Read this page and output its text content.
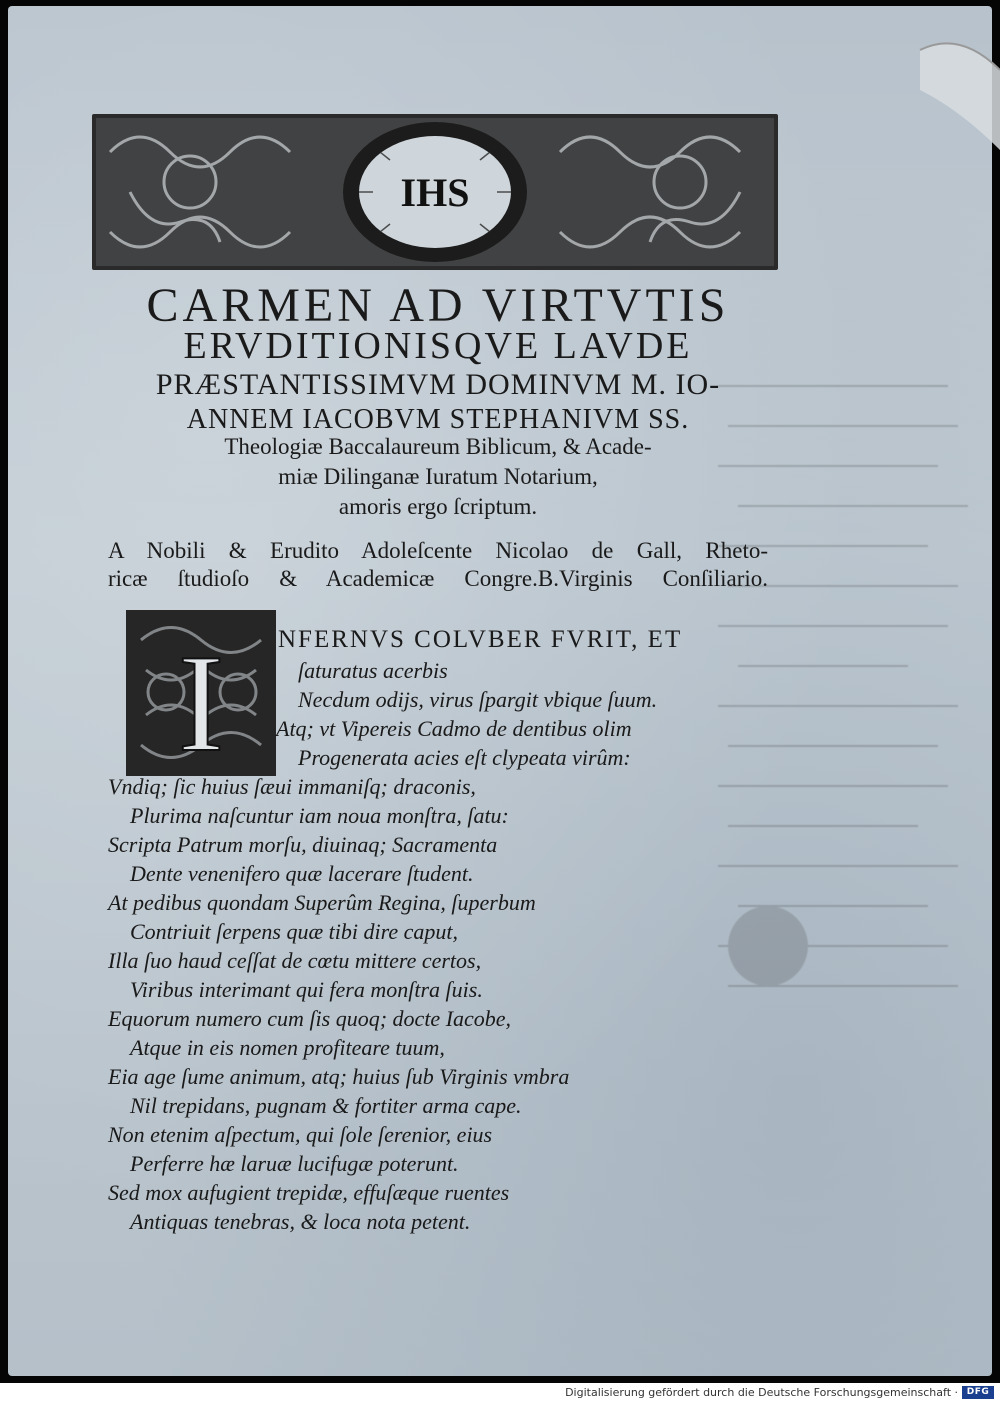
IHS
CARMEN AD VIRTVTIS
ERVDITIONISQVE LAVDE
PRÆSTANTISSIMVM DOMINVM M. IO-
ANNEM IACOBVM STEPHANIVM SS.
Theologiæ Baccalaureum Biblicum, & Acade-
miæ Dilinganæ Iuratum Notarium,
amoris ergo ſcriptum.
A Nobili & Erudito Adoleſcente Nicolao de Gall, Rheto-
ricæ ſtudioſo & Academicæ Congre.B.Virginis Conſiliario.
I NFERNVS COLVBER FVRIT, ET
ſaturatus acerbis
Necdum odijs, virus ſpargit vbique ſuum.
Atq; vt Vipereis Cadmo de dentibus olim
Progenerata acies eſt clypeata virûm:
Vndiq; ſic huius ſæui immaniſq; draconis,
Plurima naſcuntur iam noua monſtra, ſatu:
Scripta Patrum morſu, diuinaq; Sacramenta
Dente venenifero quæ lacerare ſtudent.
At pedibus quondam Superûm Regina, ſuperbum
Contriuit ſerpens quæ tibi dire caput,
Illa ſuo haud ceſſat de cœtu mittere certos,
Viribus interimant qui fera monſtra ſuis.
Equorum numero cum ſis quoq; docte Iacobe,
Atque in eis nomen profiteare tuum,
Eia age ſume animum, atq; huius ſub Virginis vmbra
Nil trepidans, pugnam & fortiter arma cape.
Non etenim aſpectum, qui ſole ſerenior, eius
Perferre hæ laruæ lucifugæ poterunt.
Sed mox aufugient trepidæ, effuſæque ruentes
Antiquas tenebras, & loca nota petent.
Digitalisierung gefördert durch die Deutsche Forschungsgemeinschaft · DFG
